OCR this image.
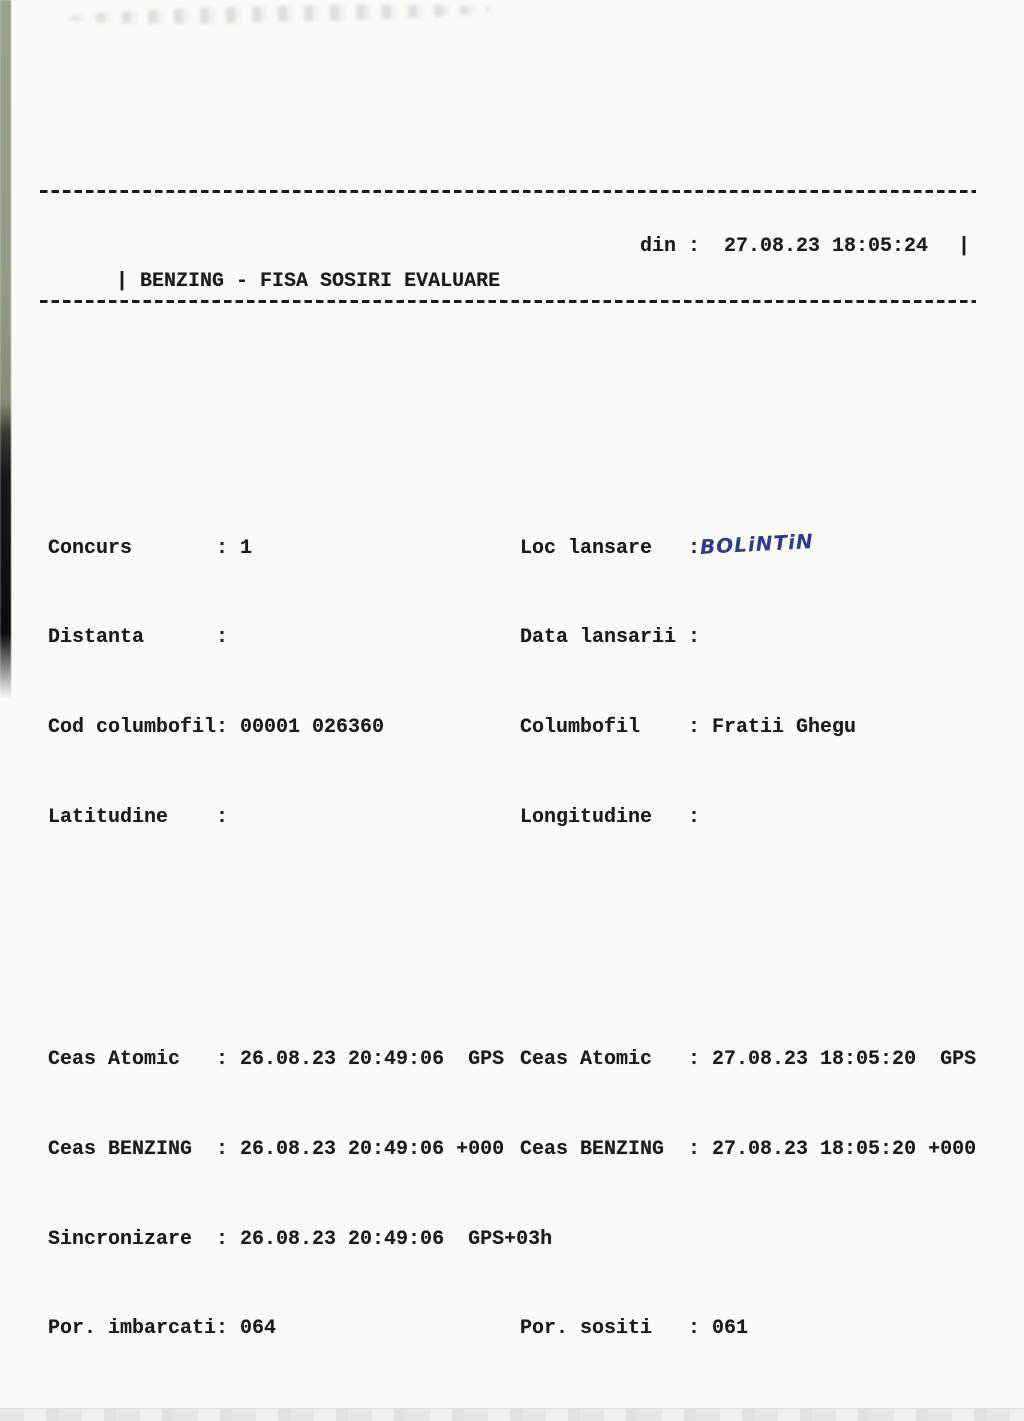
| BENZING - FISA SOSIRI EVALUARE

din :  27.08.23 18:05:24

|

Concurs       : 1	Loc lansare   :BOLiNTiN

Distanta      :	Data lansarii :

Cod columbofil: 00001 026360	Columbofil    : Fratii Ghegu

Latitudine    :	Longitudine   :

Ceas Atomic   : 26.08.23 20:49:06  GPS Ceas Atomic   : 27.08.23 18:05:20  GPS

Ceas BENZING  : 26.08.23 20:49:06 +000 Ceas BENZING  : 27.08.23 18:05:20 +000

Sincronizare  : 26.08.23 20:49:06  GPS+03h

Por. imbarcati: 064	Por. sositi   : 061
